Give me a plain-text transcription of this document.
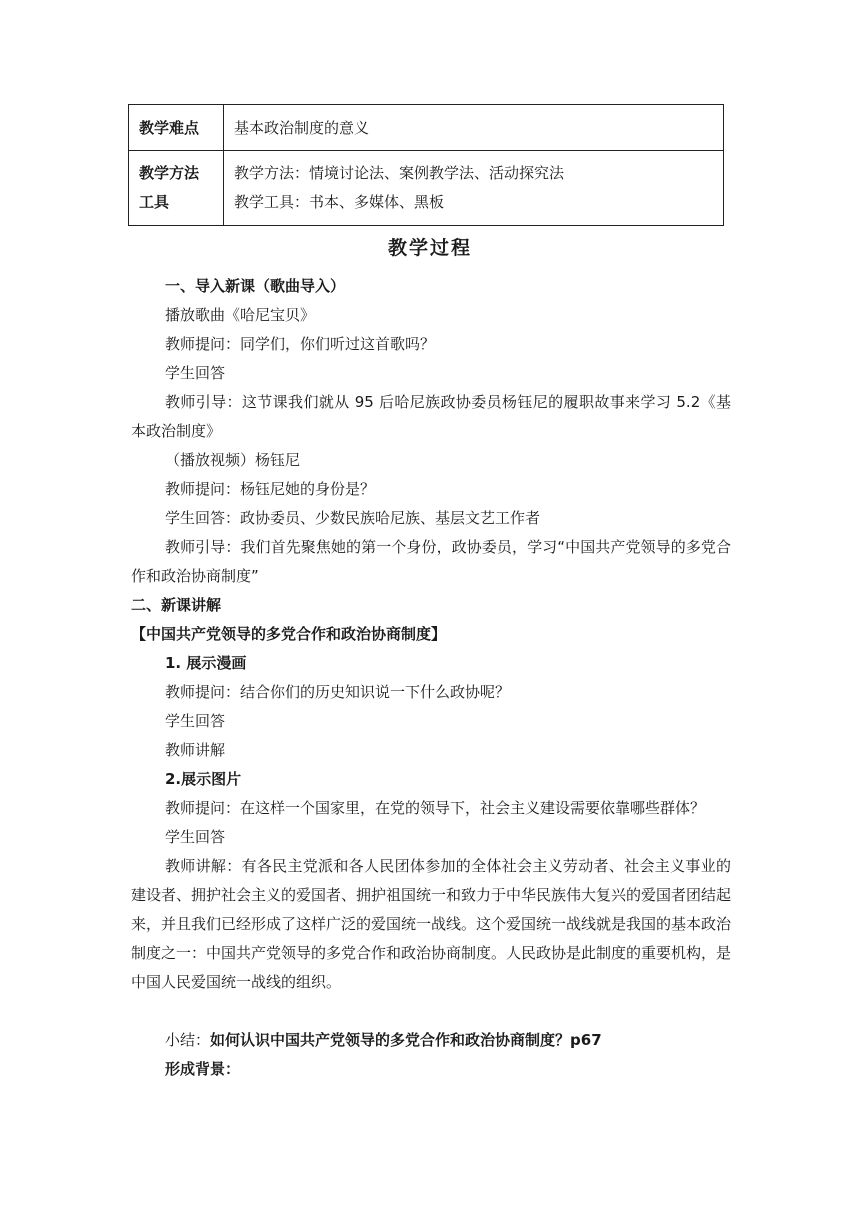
教学难点	基本政治制度的意义

教学方法工具	教学方法：情境讨论法、案例教学法、活动探究法
教学工具：书本、多媒体、黑板
教学过程
一、导入新课（歌曲导入）
播放歌曲《哈尼宝贝》
教师提问：同学们，你们听过这首歌吗？
学生回答
教师引导：这节课我们就从 95 后哈尼族政协委员杨钰尼的履职故事来学习 5.2《基本政治制度》
（播放视频）杨钰尼
教师提问：杨钰尼她的身份是？
学生回答：政协委员、少数民族哈尼族、基层文艺工作者
教师引导：我们首先聚焦她的第一个身份，政协委员，学习“中国共产党领导的多党合作和政治协商制度”
二、新课讲解
【中国共产党领导的多党合作和政治协商制度】
1. 展示漫画
教师提问：结合你们的历史知识说一下什么政协呢？
学生回答
教师讲解
2.展示图片
教师提问：在这样一个国家里，在党的领导下，社会主义建设需要依靠哪些群体？
学生回答
教师讲解：有各民主党派和各人民团体参加的全体社会主义劳动者、社会主义事业的建设者、拥护社会主义的爱国者、拥护祖国统一和致力于中华民族伟大复兴的爱国者团结起来，并且我们已经形成了这样广泛的爱国统一战线。这个爱国统一战线就是我国的基本政治制度之一：中国共产党领导的多党合作和政治协商制度。人民政协是此制度的重要机构，是中国人民爱国统一战线的组织。
小结：如何认识中国共产党领导的多党合作和政治协商制度？p67
形成背景：
